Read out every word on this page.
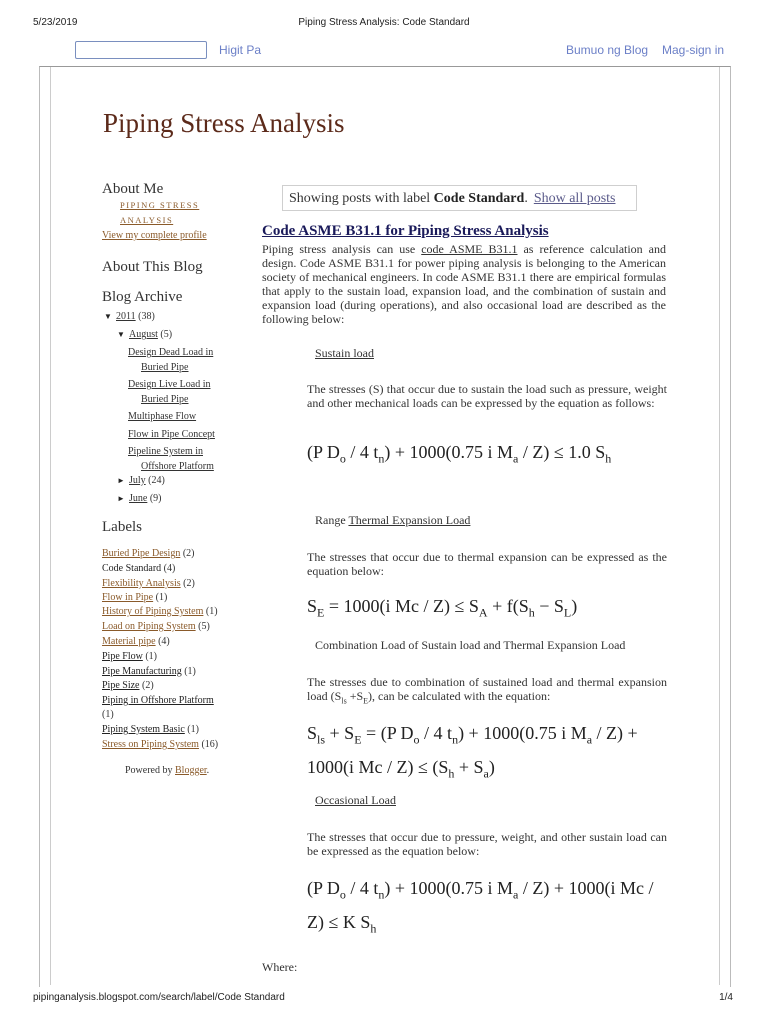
5/23/2019	Piping Stress Analysis: Code Standard
Higit Pa	Bumuo ng Blog Mag-sign in
Piping Stress Analysis
About Me
PIPING STRESS
ANALYSIS
View my complete profile
About This Blog
Blog Archive
▼ 2011 (38)
▼ August (5)
Design Dead Load in
Buried Pipe
Design Live Load in
Buried Pipe
Multiphase Flow
Flow in Pipe Concept
Pipeline System in
Offshore Platform
► July (24)
► June (9)
Labels
Buried Pipe Design (2)
Code Standard (4)
Flexibility Analysis (2)
Flow in Pipe (1)
History of Piping System (1)
Load on Piping System (5)
Material pipe (4)
Pipe Flow (1)
Pipe Manufacturing (1)
Pipe Size (2)
Piping in Offshore Platform
(1)
Piping System Basic (1)
Stress on Piping System (16)
Powered by Blogger.
Showing posts with label Code Standard. Show all posts
Code ASME B31.1 for Piping Stress Analysis
Piping stress analysis can use code ASME B31.1 as reference calculation and design. Code ASME B31.1 for power piping analysis is belonging to the American society of mechanical engineers. In code ASME B31.1 there are empirical formulas that apply to the sustain load, expansion load, and the combination of sustain and expansion load (during operations), and also occasional load are described as the following below:
Sustain load
The stresses (S) that occur due to sustain the load such as pressure, weight and other mechanical loads can be expressed by the equation as follows:
(P $D_o / 4$ $t_n) + 1000(0.75$ i $M_a / Z) \le 1.0$ $S_h$
Range Thermal Expansion Load
The stresses that occur due to thermal expansion can be expressed as the equation below:
$S_E = 1000(i$ $Mc / Z) \le S_A + f(S_h - S_L)$
Combination Load of Sustain load and Thermal Expansion Load
The stresses due to combination of sustained load and thermal expansion load $(S_{ls} +S_E)$, can be calculated with the equation:
$S_{ls} + S_E = (P$ $D_o / 4$ $t_n) + 1000(0.75$ i $M_a / Z) + 1000(i$ $Mc / Z) \le (S_h + S_a)$
Occasional Load
The stresses that occur due to pressure, weight, and other sustain load can be expressed as the equation below:
(P $D_o / 4$ $t_n) + 1000(0.75$ i $M_a / Z) + 1000(i$ Mc / Z) ≤ K $S_h$
Where:
pipinganalysis.blogspot.com/search/label/Code Standard	1/4
